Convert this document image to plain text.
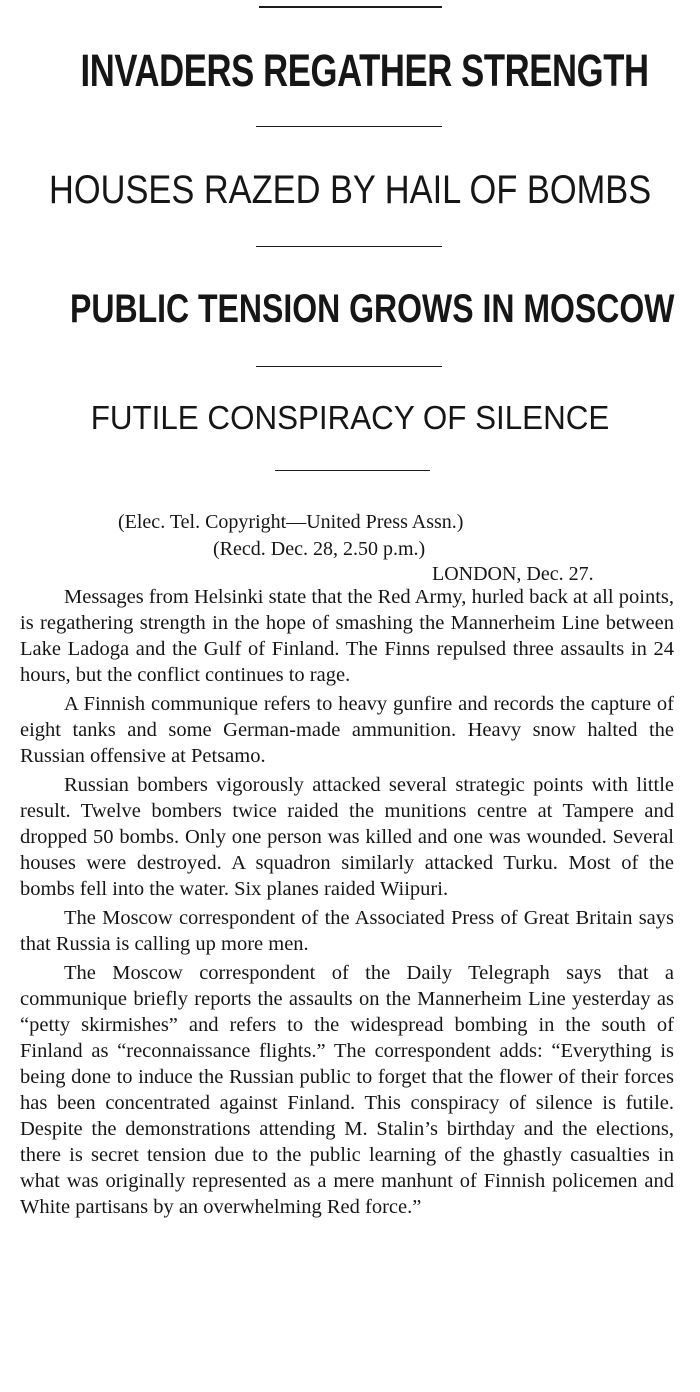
INVADERS REGATHER STRENGTH
HOUSES RAZED BY HAIL OF BOMBS
PUBLIC TENSION GROWS IN MOSCOW
FUTILE CONSPIRACY OF SILENCE

(Elec. Tel. Copyright—United Press Assn.)

(Recd. Dec. 28, 2.50 p.m.)

LONDON, Dec. 27.

Messages from Helsinki state that the Red Army, hurled back at all points, is regathering strength in the hope of smashing the Mannerheim Line between Lake Ladoga and the Gulf of Finland. The Finns repulsed three assaults in 24 hours, but the conflict continues to rage.

A Finnish communique refers to heavy gunfire and records the capture of eight tanks and some German-made ammunition. Heavy snow halted the Russian offensive at Petsamo.

Russian bombers vigorously attacked several strategic points with little result. Twelve bombers twice raided the munitions centre at Tampere and dropped 50 bombs. Only one person was killed and one was wounded. Several houses were destroyed. A squadron similarly attacked Turku. Most of the bombs fell into the water. Six planes raided Wiipuri.

The Moscow correspondent of the Associated Press of Great Britain says that Russia is calling up more men.

The Moscow correspondent of the Daily Telegraph says that a communique briefly reports the assaults on the Mannerheim Line yesterday as “petty skirmishes” and refers to the widespread bombing in the south of Finland as “reconnaissance flights.” The correspondent adds: “Everything is being done to induce the Russian public to forget that the flower of their forces has been concentrated against Finland. This conspiracy of silence is futile. Despite the demonstrations attending M. Stalin’s birthday and the elections, there is secret tension due to the public learning of the ghastly casualties in what was originally represented as a mere manhunt of Finnish policemen and White partisans by an overwhelming Red force.”
